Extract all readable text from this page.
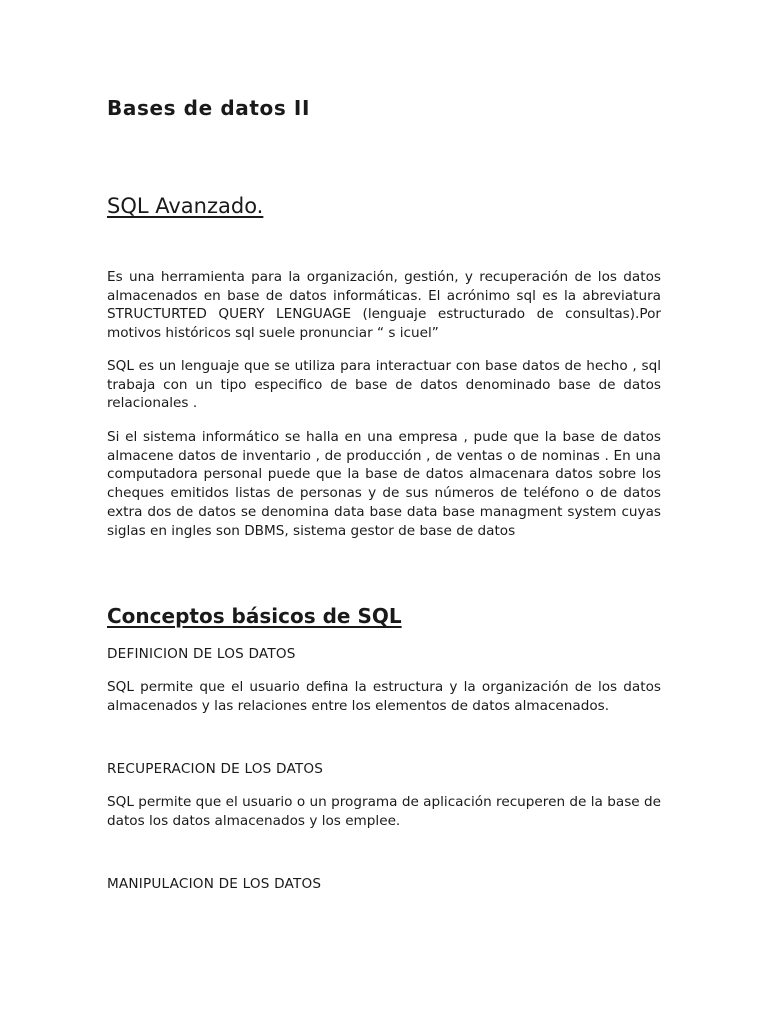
Bases de datos II
SQL Avanzado.

Es una herramienta para la organización, gestión, y recuperación de los datos almacenados en base de datos informáticas. El acrónimo sql es la abreviatura STRUCTURTED QUERY LENGUAGE (lenguaje estructurado de consultas).Por motivos históricos sql suele pronunciar “ s icuel”

SQL es un lenguaje que se utiliza para interactuar con base datos de hecho , sql trabaja con un tipo especifico de base de datos denominado base de datos relacionales .

Si el sistema informático se halla en una empresa , pude que la base de datos almacene datos de inventario , de producción , de ventas o de nominas . En una computadora personal puede que la base de datos almacenara datos sobre los cheques emitidos listas de personas y de sus números de teléfono o de datos extra dos de datos se denomina data base data base managment system cuyas siglas en ingles son DBMS, sistema gestor de base de datos

Conceptos básicos de SQL
DEFINICION DE LOS DATOS

SQL permite que el usuario defina la estructura y la organización de los datos almacenados y las relaciones entre los elementos de datos almacenados.

RECUPERACION DE LOS DATOS

SQL permite que el usuario o un programa de aplicación recuperen de la base de datos los datos almacenados y los emplee.

MANIPULACION DE LOS DATOS
